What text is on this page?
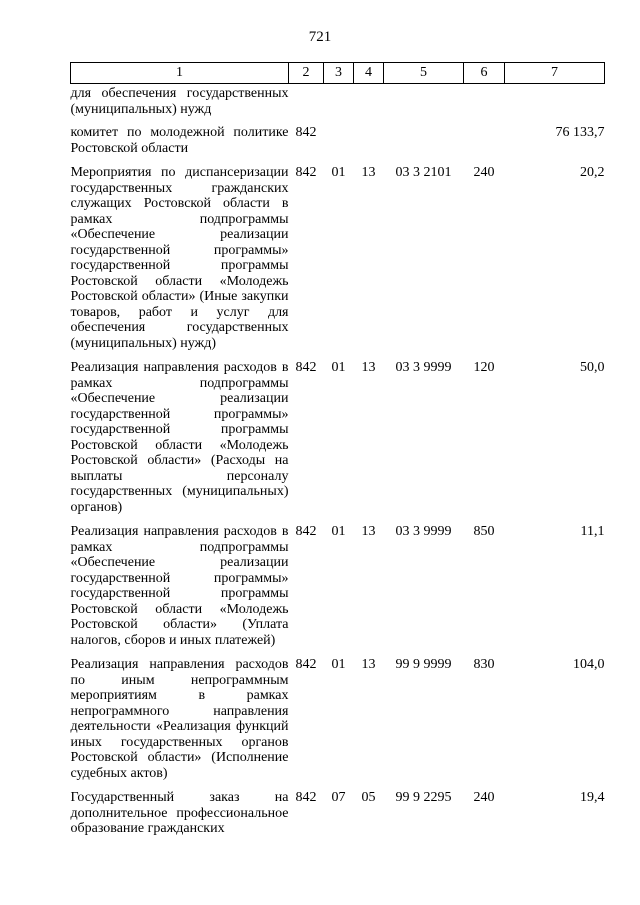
721
1	2	3	4	5	6	7
для обеспечения государственных (муниципальных) нужд						
комитет по молодежной политике Ростовской области	842					76 133,7
Мероприятия по диспансеризации государственных гражданских служащих Ростовской области в рамках подпрограммы «Обеспечение реализации государственной программы» государственной программы Ростовской области «Молодежь Ростовской области» (Иные закупки товаров, работ и услуг для обеспечения государственных (муниципальных) нужд)	842	01	13	03 3 2101	240	20,2
Реализация направления расходов в рамках подпрограммы «Обеспечение реализации государственной программы» государственной программы Ростовской области «Молодежь Ростовской области» (Расходы на выплаты персоналу государственных (муниципальных) органов)	842	01	13	03 3 9999	120	50,0
Реализация направления расходов в рамках подпрограммы «Обеспечение реализации государственной программы» государственной программы Ростовской области «Молодежь Ростовской области» (Уплата налогов, сборов и иных платежей)	842	01	13	03 3 9999	850	11,1
Реализация направления расходов по иным непрограммным мероприятиям в рамках непрограммного направления деятельности «Реализация функций иных государственных органов Ростовской области» (Исполнение судебных актов)	842	01	13	99 9 9999	830	104,0
Государственный заказ на дополнительное профессиональное образование гражданских	842	07	05	99 9 2295	240	19,4
